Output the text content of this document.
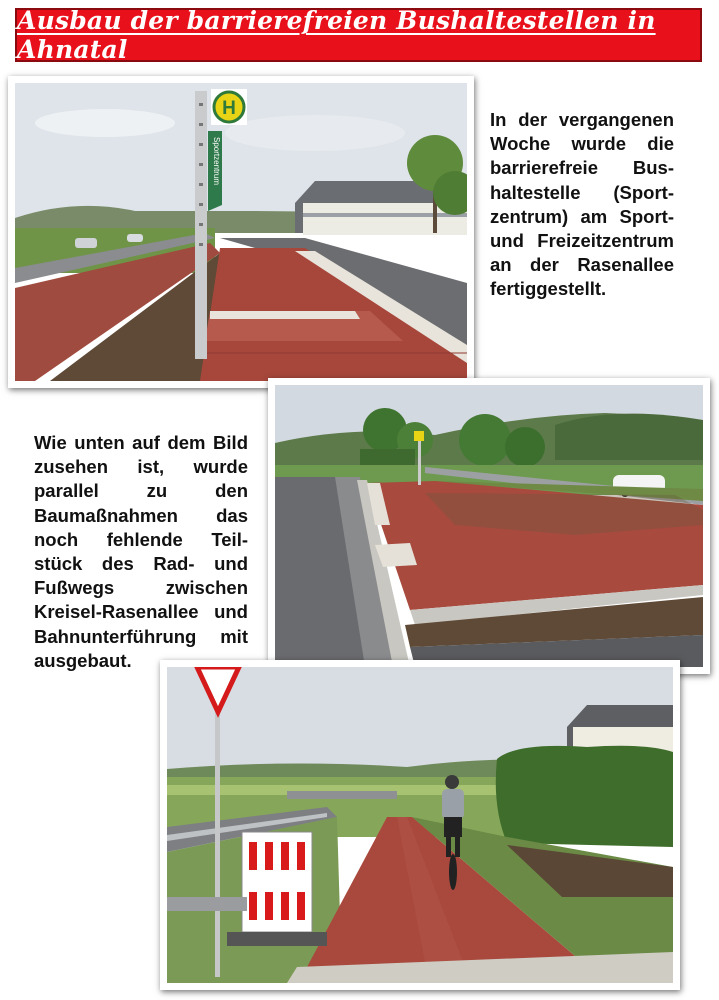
Ausbau der barrierefreien Bushaltestellen in Ahnatal
H
Sportzentrum

In der vergangenen
Woche wurde die
barrierefreie Bus-
haltestelle (Sport-
zentrum) am Sport-
und Freizeitzentrum
an der Rasenallee
fertiggestellt.

Wie unten auf dem Bild
zusehen ist, wurde
parallel zu den
Baumaßnahmen das
noch fehlende Teil-
stück des Rad- und
Fußwegs zwischen
Kreisel-Rasenallee und
Bahnunterführung mit
ausgebaut.
